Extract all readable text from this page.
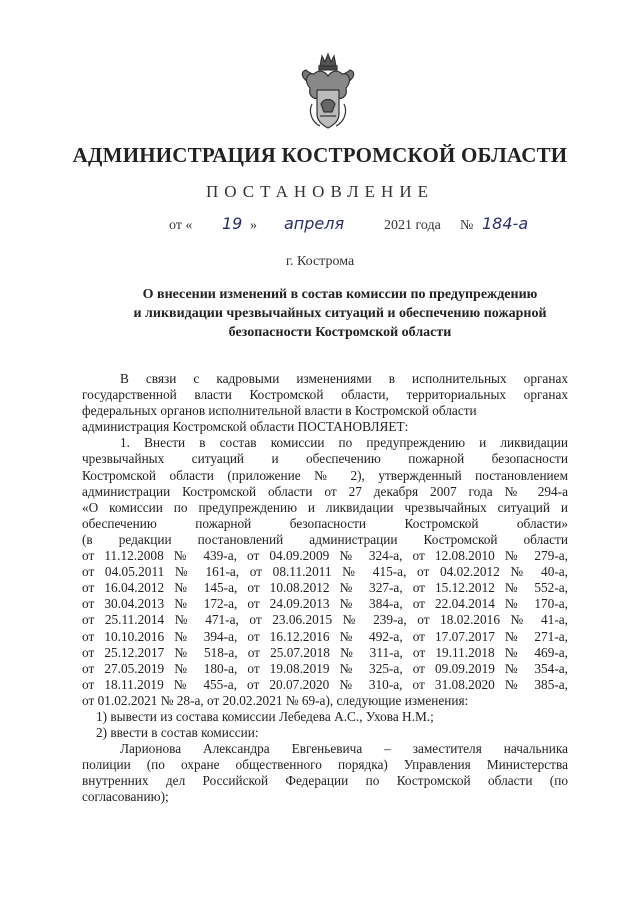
АДМИНИСТРАЦИЯ КОСТРОМСКОЙ ОБЛАСТИ
ПОСТАНОВЛЕНИЕ
от « 19 » апреля	2021 года № 184-а
г. Кострома
О внесении изменений в состав комиссии по предупреждению
и ликвидации чрезвычайных ситуаций и обеспечению пожарной
безопасности Костромской области
В связи с кадровыми изменениями в исполнительных органах
государственной власти Костромской области, территориальных органах
федеральных органов исполнительной власти в Костромской области
администрация Костромской области ПОСТАНОВЛЯЕТ:
1. Внести в состав комиссии по предупреждению и ликвидации
чрезвычайных ситуаций и обеспечению пожарной безопасности
Костромской области (приложение № 2), утвержденный постановлением
администрации Костромской области от 27 декабря 2007 года № 294-а
«О комиссии по предупреждению и ликвидации чрезвычайных ситуаций и
обеспечению пожарной безопасности Костромской области»
(в редакции постановлений администрации Костромской области
от 11.12.2008 № 439-а, от 04.09.2009 № 324-а, от 12.08.2010 № 279-а,
от 04.05.2011 № 161-а, от 08.11.2011 № 415-а, от 04.02.2012 № 40-а,
от 16.04.2012 № 145-а, от 10.08.2012 № 327-а, от 15.12.2012 № 552-а,
от 30.04.2013 № 172-а, от 24.09.2013 № 384-а, от 22.04.2014 № 170-а,
от 25.11.2014 № 471-а, от 23.06.2015 № 239-а, от 18.02.2016 № 41-а,
от 10.10.2016 № 394-а, от 16.12.2016 № 492-а, от 17.07.2017 № 271-а,
от 25.12.2017 № 518-а, от 25.07.2018 № 311-а, от 19.11.2018 № 469-а,
от 27.05.2019 № 180-а, от 19.08.2019 № 325-а, от 09.09.2019 № 354-а,
от 18.11.2019 № 455-а, от 20.07.2020 № 310-а, от 31.08.2020 № 385-а,
от 01.02.2021 № 28-а, от 20.02.2021 № 69-а), следующие изменения:
1) вывести из состава комиссии Лебедева А.С., Ухова Н.М.;
2) ввести в состав комиссии:
Ларионова Александра Евгеньевича – заместителя начальника
полиции (по охране общественного порядка) Управления Министерства
внутренних дел Российской Федерации по Костромской области (по
согласованию);
